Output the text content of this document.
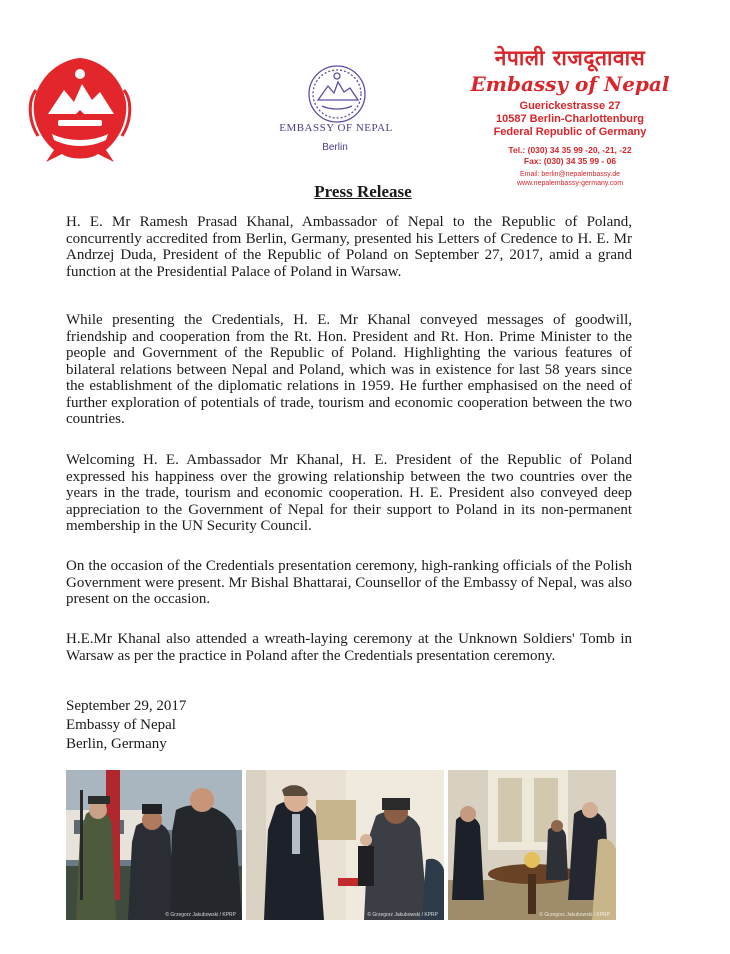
EMBASSY OF NEPAL
Berlin
नेपाली राजदूतावास
Embassy of Nepal
Guerickestrasse 27
10587 Berlin-Charlottenburg
Federal Republic of Germany
Tel.: (030) 34 35 99 -20, -21, -22
Fax: (030) 34 35 99 - 06
Email: berlin@nepalembassy.de
www.nepalembassy-germany.com
Press Release

H. E. Mr Ramesh Prasad Khanal, Ambassador of Nepal to the Republic of Poland, concurrently accredited from Berlin, Germany, presented his Letters of Credence to H. E. Mr Andrzej Duda, President of the Republic of Poland on September 27, 2017, amid a grand function at the Presidential Palace of Poland in Warsaw.

While presenting the Credentials, H. E. Mr Khanal conveyed messages of goodwill, friendship and cooperation from the Rt. Hon. President and Rt. Hon. Prime Minister to the people and Government of the Republic of Poland. Highlighting the various features of bilateral relations between Nepal and Poland, which was in existence for last 58 years since the establishment of the diplomatic relations in 1959. He further emphasised on the need of further exploration of potentials of trade, tourism and economic cooperation between the two countries.

Welcoming H. E. Ambassador Mr Khanal, H. E. President of the Republic of Poland expressed his happiness over the growing relationship between the two countries over the years in the trade, tourism and economic cooperation. H. E. President also conveyed deep appreciation to the Government of Nepal for their support to Poland in its non-permanent membership in the UN Security Council.

On the occasion of the Credentials presentation ceremony, high-ranking officials of the Polish Government were present. Mr Bishal Bhattarai, Counsellor of the Embassy of Nepal, was also present on the occasion.

H.E.Mr Khanal also attended a wreath-laying ceremony at the Unknown Soldiers' Tomb in Warsaw as per the practice in Poland after the Credentials presentation ceremony.

September 29, 2017
Embassy of Nepal
Berlin, Germany
© Grzegorz Jakubowski / KPRP	© Grzegorz Jakubowski / KPRP	© Grzegorz Jakubowski / KPRP
